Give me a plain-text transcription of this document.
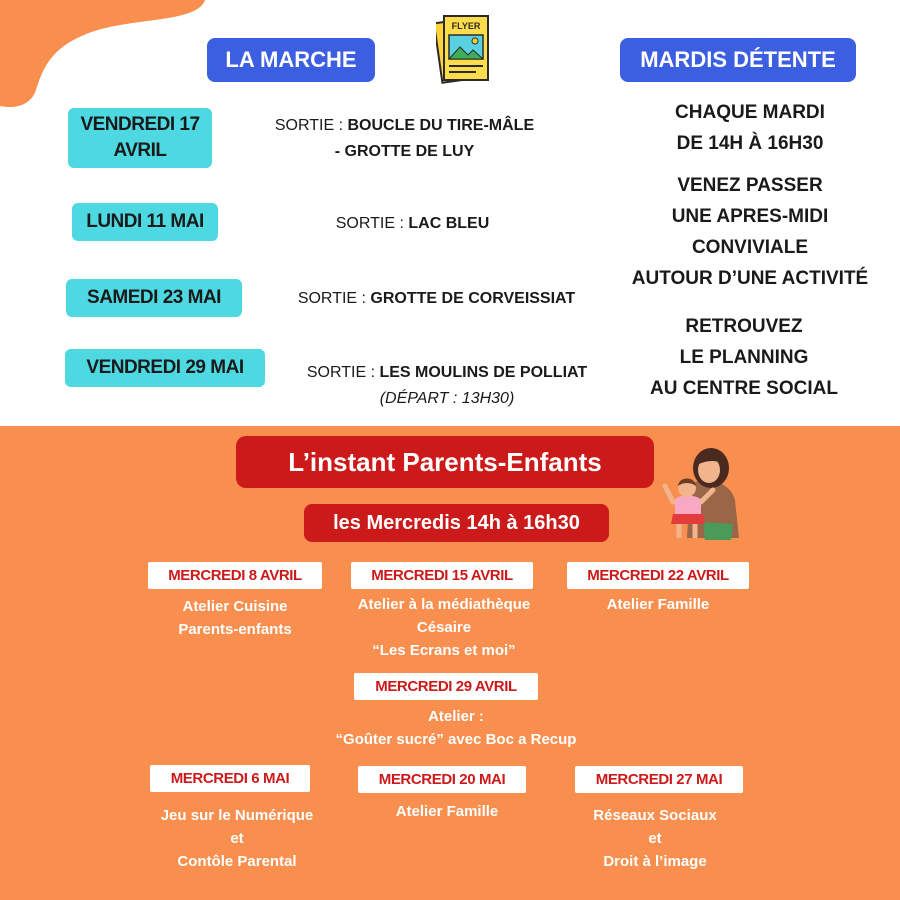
FLYER
LA MARCHE
VENDREDI 17 AVRIL
SORTIE : BOUCLE DU TIRE-MÂLE
- GROTTE DE LUY
LUNDI 11 MAI	SORTIE : LAC BLEU
SAMEDI 23 MAI	SORTIE : GROTTE DE CORVEISSIAT
VENDREDI 29 MAI	SORTIE : LES MOULINS DE POLLIAT
(DÉPART : 13H30)
MARDIS DÉTENTE
CHAQUE MARDI
DE 14H À 16H30
VENEZ PASSER
UNE APRES-MIDI
CONVIVIALE
AUTOUR D’UNE ACTIVITÉ
RETROUVEZ
LE PLANNING
AU CENTRE SOCIAL
L’instant Parents-Enfants
les Mercredis 14h à 16h30
MERCREDI 8 AVRIL
Atelier Cuisine
Parents-enfants
MERCREDI 15 AVRIL
Atelier à la médiathèque
Césaire
“Les Ecrans et moi”
MERCREDI 22 AVRIL
Atelier Famille
MERCREDI 29 AVRIL
Atelier :
“Goûter sucré” avec Boc a Recup
MERCREDI 6 MAI
Jeu sur le Numérique
et
Contôle Parental
MERCREDI 20 MAI
Atelier Famille
MERCREDI 27 MAI
Réseaux Sociaux
et
Droit à l’image
